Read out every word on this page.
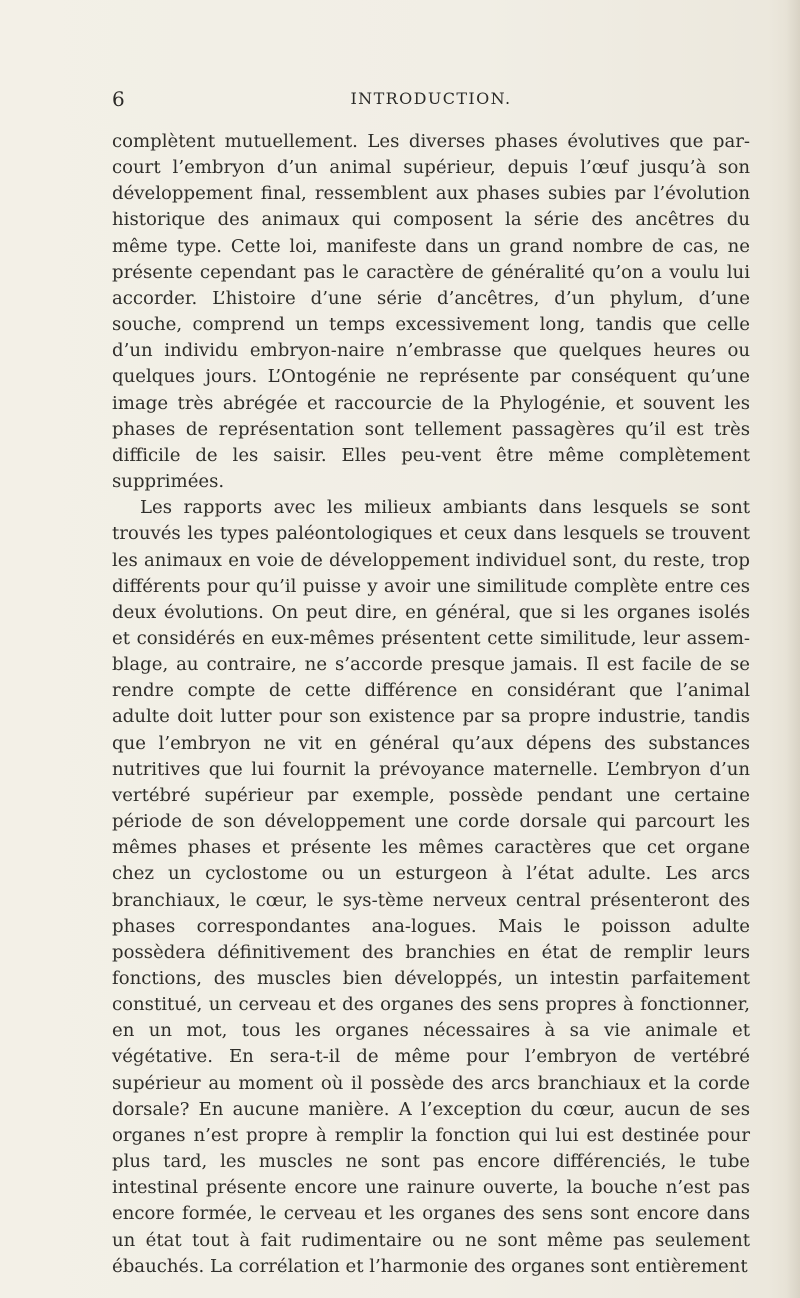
6	INTRODUCTION.

complètent mutuellement. Les diverses phases évolutives que par-court l’embryon d’un animal supérieur, depuis l’œuf jusqu’à son développement final, ressemblent aux phases subies par l’évolution historique des animaux qui composent la série des ancêtres du même type. Cette loi, manifeste dans un grand nombre de cas, ne présente cependant pas le caractère de généralité qu’on a voulu lui accorder. L’histoire d’une série d’ancêtres, d’un phylum, d’une souche, comprend un temps excessivement long, tandis que celle d’un individu embryon-naire n’embrasse que quelques heures ou quelques jours. L’Ontogénie ne représente par conséquent qu’une image très abrégée et raccourcie de la Phylogénie, et souvent les phases de représentation sont tellement passagères qu’il est très difficile de les saisir. Elles peu-vent être même complètement supprimées.

Les rapports avec les milieux ambiants dans lesquels se sont trouvés les types paléontologiques et ceux dans lesquels se trouvent les animaux en voie de développement individuel sont, du reste, trop différents pour qu’il puisse y avoir une similitude complète entre ces deux évolutions. On peut dire, en général, que si les organes isolés et considérés en eux-mêmes présentent cette similitude, leur assem-blage, au contraire, ne s’accorde presque jamais. Il est facile de se rendre compte de cette différence en considérant que l’animal adulte doit lutter pour son existence par sa propre industrie, tandis que l’embryon ne vit en général qu’aux dépens des substances nutritives que lui fournit la prévoyance maternelle. L’embryon d’un vertébré supérieur par exemple, possède pendant une certaine période de son développement une corde dorsale qui parcourt les mêmes phases et présente les mêmes caractères que cet organe chez un cyclostome ou un esturgeon à l’état adulte. Les arcs branchiaux, le cœur, le sys-tème nerveux central présenteront des phases correspondantes ana-logues. Mais le poisson adulte possèdera définitivement des branchies en état de remplir leurs fonctions, des muscles bien développés, un intestin parfaitement constitué, un cerveau et des organes des sens propres à fonctionner, en un mot, tous les organes nécessaires à sa vie animale et végétative. En sera-t-il de même pour l’embryon de vertébré supérieur au moment où il possède des arcs branchiaux et la corde dorsale? En aucune manière. A l’exception du cœur, aucun de ses organes n’est propre à remplir la fonction qui lui est destinée pour plus tard, les muscles ne sont pas encore différenciés, le tube intestinal présente encore une rainure ouverte, la bouche n’est pas encore formée, le cerveau et les organes des sens sont encore dans un état tout à fait rudimentaire ou ne sont même pas seulement ébauchés. La corrélation et l’harmonie des organes sont entièrement
